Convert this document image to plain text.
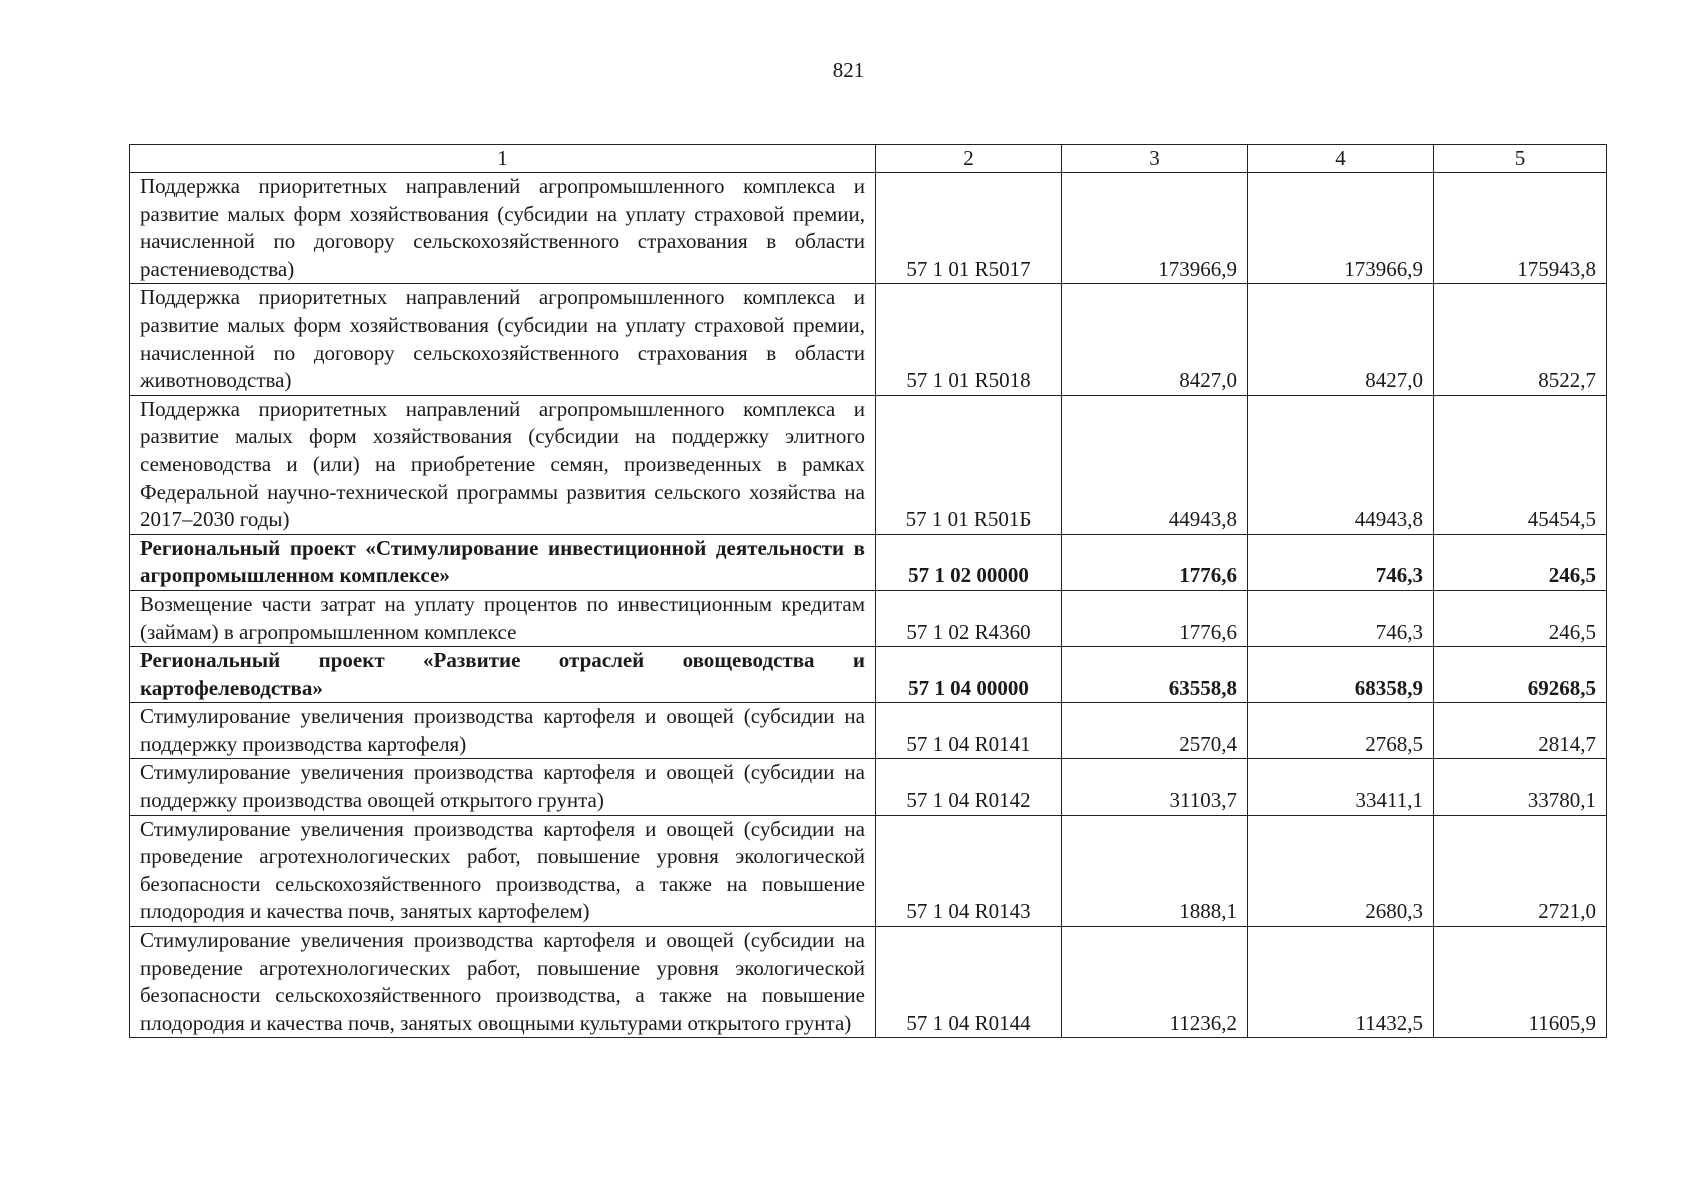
821
1	2	3	4	5
Поддержка приоритетных направлений агропромышленного комплекса и развитие малых форм хозяйствования (субсидии на уплату страховой премии, начисленной по договору сельскохозяйственного страхования в области растениеводства)	57 1 01 R5017	173966,9	173966,9	175943,8
Поддержка приоритетных направлений агропромышленного комплекса и развитие малых форм хозяйствования (субсидии на уплату страховой премии, начисленной по договору сельскохозяйственного страхования в области животноводства)	57 1 01 R5018	8427,0	8427,0	8522,7
Поддержка приоритетных направлений агропромышленного комплекса и развитие малых форм хозяйствования (субсидии на поддержку элитного семеноводства и (или) на приобретение семян, произведенных в рамках Федеральной научно-технической программы развития сельского хозяйства на 2017–2030 годы)	57 1 01 R501Б	44943,8	44943,8	45454,5
Региональный проект «Стимулирование инвестиционной деятельности в агропромышленном комплексе»	57 1 02 00000	1776,6	746,3	246,5
Возмещение части затрат на уплату процентов по инвестиционным кредитам (займам) в агропромышленном комплексе	57 1 02 R4360	1776,6	746,3	246,5
Региональный проект «Развитие отраслей овощеводства и картофелеводства»	57 1 04 00000	63558,8	68358,9	69268,5
Стимулирование увеличения производства картофеля и овощей (субсидии на поддержку производства картофеля)	57 1 04 R0141	2570,4	2768,5	2814,7
Стимулирование увеличения производства картофеля и овощей (субсидии на поддержку производства овощей открытого грунта)	57 1 04 R0142	31103,7	33411,1	33780,1
Стимулирование увеличения производства картофеля и овощей (субсидии на проведение агротехнологических работ, повышение уровня экологической безопасности сельскохозяйственного производства, а также на повышение плодородия и качества почв, занятых картофелем)	57 1 04 R0143	1888,1	2680,3	2721,0
Стимулирование увеличения производства картофеля и овощей (субсидии на проведение агротехнологических работ, повышение уровня экологической безопасности сельскохозяйственного производства, а также на повышение плодородия и качества почв, занятых овощными культурами открытого грунта)	57 1 04 R0144	11236,2	11432,5	11605,9
